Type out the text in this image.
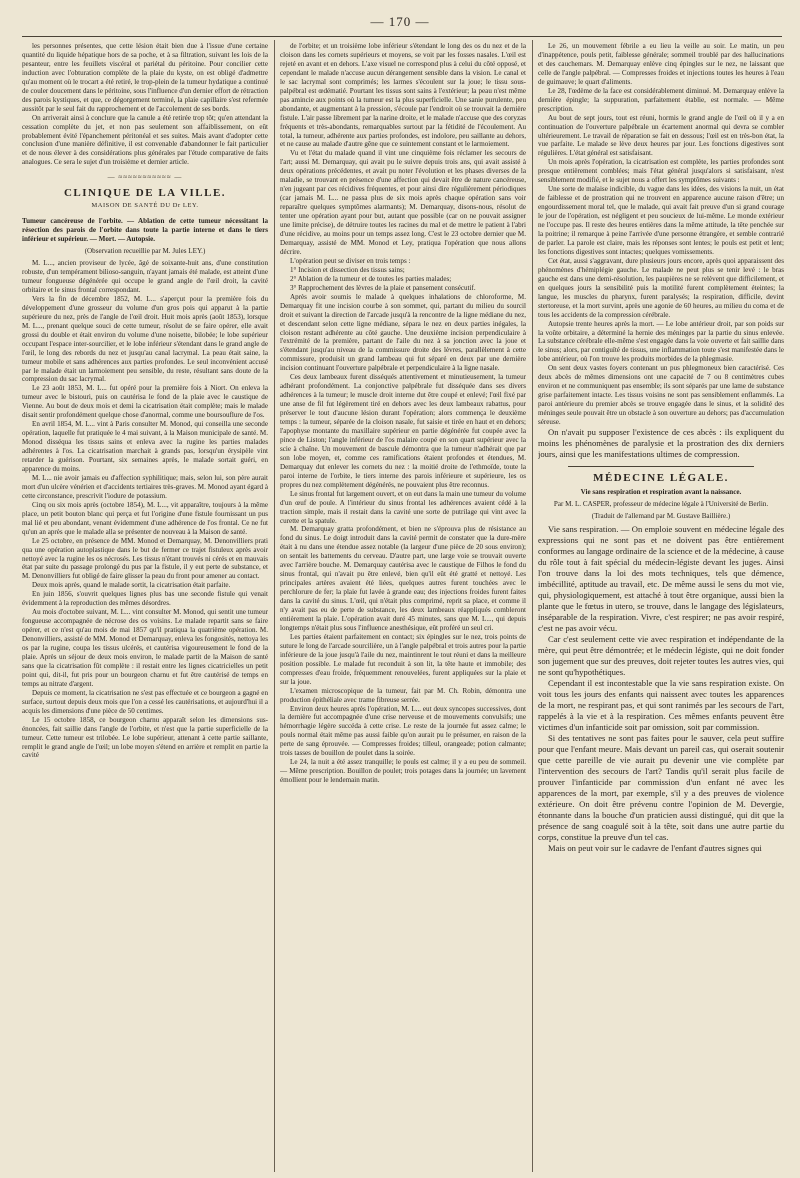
— 170 —

les personnes présentes, que cette lésion était bien due à l'issue d'une certaine quantité du liquide hépatique hors de sa poche, et à sa filtration, suivant les lois de la pesanteur, entre les feuillets viscéral et pariétal du péritoine. Pour concilier cette induction avec l'obturation complète de la plaie du kyste, on est obligé d'admettre qu'au moment où le trocart a été retiré, le trop-plein de la tumeur hydatique a continué de couler doucement dans le péritoine, sous l'influence d'un dernier effort de rétraction des parois kystiques, et que, ce dégorgement terminé, la plaie capillaire s'est refermée aussitôt par le seul fait du rapprochement et de l'accolement de ses bords.

On arriverait ainsi à conclure que la canule a été retirée trop tôt; qu'en attendant la cessation complète du jet, et non pas seulement son affaiblissement, on eût probablement évité l'épanchement péritonéal et ses suites. Mais avant d'adopter cette conclusion d'une manière définitive, il est convenable d'abandonner le fait particulier et de nous élever à des considérations plus générales par l'étude comparative de faits analogues. Ce sera le sujet d'un troisième et dernier article.

— ≈≈≈≈≈≈≈≈≈≈≈ —
CLINIQUE DE LA VILLE.
MAISON DE SANTÉ DU Dr LEY.

Tumeur cancéreuse de l'orbite. — Ablation de cette tumeur nécessitant la résection des parois de l'orbite dans toute la partie interne et dans le tiers inférieur et supérieur. — Mort. — Autopsie.

(Observation recueillie par M. Jules LEY.)

M. L..., ancien proviseur de lycée, âgé de soixante-huit ans, d'une constitution robuste, d'un tempérament bilioso-sanguin, n'ayant jamais été malade, est atteint d'une tumeur fongueuse dégénérée qui occupe le grand angle de l'œil droit, la cavité orbitaire et le sinus frontal correspondant.

Vers la fin de décembre 1852, M. L... s'aperçut pour la première fois du développement d'une grosseur du volume d'un gros pois qui apparut à la partie supérieure du nez, près de l'angle de l'œil droit. Huit mois après (août 1853), lorsque M. L..., prenant quelque souci de cette tumeur, résolut de se faire opérer, elle avait grossi du double et était environ du volume d'une noisette, bilobée; le lobe supérieur occupant l'espace inter-sourcilier, et le lobe inférieur s'étendant dans le grand angle de l'œil, le long des rebords du nez et jusqu'au canal lacrymal. La peau était saine, la tumeur mobile et sans adhérences aux parties profondes. Le seul inconvénient accusé par le malade était un larmoiement peu sensible, du reste, résultant sans doute de la compression du sac lacrymal.

Le 23 août 1853, M. L... fut opéré pour la première fois à Niort. On enleva la tumeur avec le bistouri, puis on cautérisa le fond de la plaie avec le caustique de Vienne. Au bout de deux mois et demi la cicatrisation était complète; mais le malade disait sentir profondément quelque chose d'anormal, comme une boursouflure de l'os.

En avril 1854, M. L... vint à Paris consulter M. Monod, qui conseilla une seconde opération, laquelle fut pratiquée le 4 mai suivant, à la Maison municipale de santé. M. Monod disséqua les tissus sains et enleva avec la rugine les parties malades adhérentes à l'os. La cicatrisation marchait à grands pas, lorsqu'un érysipèle vint retarder la guérison. Pourtant, six semaines après, le malade sortait guéri, en apparence du moins.

M. L... nie avoir jamais eu d'affection syphilitique; mais, selon lui, son père aurait mort d'un ulcère vénérien et d'accidents tertiaires très-graves. M. Monod ayant égard à cette circonstance, prescrivit l'iodure de potassium.

Cinq ou six mois après (octobre 1854), M. L..., vit apparaître, toujours à la même place, un petit bouton blanc qui perça et fut l'origine d'une fistule fournissant un pus mal lié et peu abondant, venant évidemment d'une adhérence de l'os frontal. Ce ne fut qu'un an après que le malade alla se présenter de nouveau à la Maison de santé.

Le 25 octobre, en présence de MM. Monod et Demarquay, M. Denonvilliers prati qua une opération autoplastique dans le but de fermer ce trajet fistuleux après avoir nettoyé avec la rugine les os nécrosés. Les tissus n'étant trouvés ni cérés et en mauvais état par suite du passage prolongé du pus par la fistule, il y eut perte de substance, et M. Denonvilliers fut obligé de faire glisser la peau du front pour amener au contact.

Deux mois après, quand le malade sortit, la cicatrisation était parfaite.

En juin 1856, s'ouvrit quelques lignes plus bas une seconde fistule qui venait évidemment à la reproduction des mêmes désordres.

Au mois d'octobre suivant, M. L... vint consulter M. Monod, qui sentit une tumeur fongueuse accompagnée de nécrose des os voisins. Le malade repartit sans se faire opérer, et ce n'est qu'au mois de mai 1857 qu'il pratiqua la quatrième opération. M. Denonvilliers, assisté de MM. Monod et Demarquay, enleva les fongosités, nettoya les os par la rugine, coupa les tissus ulcérés, et cautérisa vigoureusement le fond de la plaie. Après un séjour de deux mois environ, le malade partit de la Maison de santé sans que la cicatrisation fût complète : il restait entre les lignes cicatricielles un petit point qui, dit-il, fut pris pour un bourgeon charnu et fut être cautérisé de temps en temps au nitrate d'argent.

Depuis ce moment, la cicatrisation ne s'est pas effectuée et ce bourgeon a gagné en surface, surtout depuis deux mois que l'on a cessé les cautérisations, et aujourd'hui il a acquis les dimensions d'une pièce de 50 centimes.

Le 15 octobre 1858, ce bourgeon charnu apparaît selon les dimensions sus-énoncées, fait saillie dans l'angle de l'orbite, et n'est que la partie superficielle de la tumeur. Cette tumeur est trilobée. Le lobe supérieur, attenant à cette partie saillante, remplit le grand angle de l'œil; un lobe moyen s'étend en arrière et remplit en partie la cavité

de l'orbite; et un troisième lobe inférieur s'étendant le long des os du nez et de la cloison dans les cornets supérieurs et moyens, se voit par les fosses nasales. L'œil est rejeté en avant et en dehors. L'axe visuel ne correspond plus à celui du côté opposé, et cependant le malade n'accuse aucun dérangement sensible dans la vision. Le canal et le sac lacrymal sont comprimés; les larmes s'écoulent sur la joue; le tissu sous-palpébral est œdématié. Pourtant les tissus sont sains à l'extérieur; la peau n'est même pas amincie aux points où la tumeur est la plus superficielle. Une sanie purulente, peu abondante, et augmentant à la pression, s'écoule par l'endroit où se trouvait la dernière fistule. L'air passe librement par la narine droite, et le malade n'accuse que des coryzas fréquents et très-abondants, remarquables surtout par la fétidité de l'écoulement. Au total, la tumeur, adhérente aux parties profondes, est indolore, peu saillante au dehors, et ne cause au malade d'autre gêne que ce suintement constant et le larmoiement.

Vu et l'état du malade quand il vint une cinquième fois réclamer les secours de l'art; aussi M. Demarquay, qui avait pu le suivre depuis trois ans, qui avait assisté à deux opérations précédentes, et avait pu noter l'évolution et les phases diverses de la maladie, se trouvant en présence d'une affection qui devait être de nature cancéreuse, n'en jugeant par ces récidives fréquentes, et pour ainsi dire régulièrement périodiques (car jamais M. L... ne passa plus de six mois après chaque opération sans voir reparaître quelques symptômes alarmants); M. Demarquay, disons-nous, résolut de tenter une opération ayant pour but, autant que possible (car on ne pouvait assigner une limite précise), de détruire toutes les racines du mal et de mettre le patient à l'abri d'une récidive, au moins pour un temps assez long. C'est le 23 octobre dernier que M. Demarquay, assisté de MM. Monod et Ley, pratiqua l'opération que nous allons décrire.

L'opération peut se diviser en trois temps :

1° Incision et dissection des tissus sains;

2° Ablation de la tumeur et de toutes les parties malades;

3° Rapprochement des lèvres de la plaie et pansement consécutif.

Après avoir soumis le malade à quelques inhalations de chloroforme, M. Demarquay fit une incision courbe à son sommet, qui, partant du milieu du sourcil droit et suivant la direction de l'arcade jusqu'à la rencontre de la ligne médiane du nez, et descendant selon cette ligne médiane, sépara le nez en deux parties inégales, la cloison restant adhérente au côté gauche. Une deuxième incision perpendiculaire à l'extrémité de la première, partant de l'aile du nez à sa jonction avec la joue et s'étendant jusqu'au niveau de la commissure droite des lèvres, parallèlement à cette commissure, produisit un grand lambeau qui fut séparé en deux par une dernière incision continuant l'ouverture palpébrale et perpendiculaire à la ligne nasale.

Ces deux lambeaux furent disséqués attentivement et minutieusement, la tumeur adhérant profondément. La conjonctive palpébrale fut disséquée dans ses divers adhérences à la tumeur; le muscle droit interne dut être coupé et enlevé; l'œil fixé par une anse de fil fut légèrement tiré en dehors avec les deux lambeaux rabattus, pour préserver le tout d'aucune lésion durant l'opération; alors commença le deuxième temps : la tumeur, séparée de la cloison nasale, fut saisie et tirée en haut et en dehors; l'apophyse montante du maxillaire supérieur en partie dégénérée fut coupée avec la pince de Liston; l'angle inférieur de l'os malaire coupé en son quart supérieur avec la scie à chaîne. Un mouvement de bascule démontra que la tumeur n'adhérait que par son lobe moyen, et, comme ces ramifications étaient profondes et étendues, M. Demarquay dut enlever les cornets du nez : la moitié droite de l'ethmoïde, toute la paroi interne de l'orbite, le tiers interne des parois inférieure et supérieure, les os propres du nez complètement dégénérés, ne pouvaient plus être reconnus.

Le sinus frontal fut largement ouvert, et on eut dans la main une tumeur du volume d'un œuf de poule. A l'intérieur du sinus frontal les adhérences avaient cédé à la traction simple, mais il restait dans la cavité une sorte de putrilage qui vint avec la curette et la spatule.

M. Demarquay gratta profondément, et bien ne s'éprouva plus de résistance au fond du sinus. Le doigt introduit dans la cavité permit de constater que la dure-mère était à nu dans une étendue assez notable (la largeur d'une pièce de 20 sous environ); on sentait les battements du cerveau. D'autre part, une large voie se trouvait ouverte avec l'arrière bouche. M. Demarquay cautérisa avec le caustique de Filhos le fond du sinus frontal, qui n'avait pu être enlevé, bien qu'il eût été gratté et nettoyé. Les principales artères avaient été liées, quelques autres furent touchées avec le perchlorure de fer; la plaie fut lavée à grande eau; des injections froides furent faites dans la cavité du sinus. L'œil, qui n'était plus comprimé, reprit sa place, et comme il n'y avait pas eu de perte de substance, les deux lambeaux réappliqués combleront entièrement la plaie. L'opération avait duré 45 minutes, sans que M. L..., qui depuis longtemps n'était plus sous l'influence anesthésique, eût proféré un seul cri.

Les parties étaient parfaitement en contact; six épingles sur le nez, trois points de suture le long de l'arcade sourcilière, un à l'angle palpébral et trois autres pour la partie inférieure de la joue jusqu'à l'aile du nez, maintinrent le tout réuni et dans la meilleure position possible. Le malade fut reconduit à son lit, la tête haute et immobile; des compresses d'eau froide, fréquemment renouvelées, furent appliquées sur la plaie et sur la joue.

L'examen microscopique de la tumeur, fait par M. Ch. Robin, démontra une production épithéliale avec trame fibreuse serrée.

Environ deux heures après l'opération, M. L... eut deux syncopes successives, dont la dernière fut accompagnée d'une crise nerveuse et de mouvements convulsifs; une hémorrhagie légère succéda à cette crise. Le reste de la journée fut assez calme; le pouls normal était même pas aussi faible qu'on aurait pu le présumer, en raison de la perte de sang éprouvée. — Compresses froides; tilleul, orangeade; potion calmante; trois tasses de bouillon de poulet dans la soirée.

Le 24, la nuit a été assez tranquille; le pouls est calme; il y a eu peu de sommeil. — Même prescription. Bouillon de poulet; trois potages dans la journée; un lavement émollient pour le lendemain matin.

Le 26, un mouvement fébrile a eu lieu la veille au soir. Le matin, un peu d'inappétence, pouls petit, faiblesse générale; sommeil troublé par des hallucinations et des cauchemars. M. Demarquay enlève cinq épingles sur le nez, ne laissant que celle de l'angle palpébral. — Compresses froides et injections toutes les heures à l'eau de guimauve; le quart d'aliments.

Le 28, l'œdème de la face est considérablement diminué. M. Demarquay enlève la dernière épingle; la suppuration, parfaitement établie, est normale. — Même prescription.

Au bout de sept jours, tout est réuni, hormis le grand angle de l'œil où il y a en continuation de l'ouverture palpébrale un écartement anormal qui devra se combler ultérieurement. Le travail de réparation se fait en dessous; l'œil est en très-bon état, la vue parfaite. Le malade se lève deux heures par jour. Les fonctions digestives sont régulières. L'état général est satisfaisant.

Un mois après l'opération, la cicatrisation est complète, les parties profondes sont presque entièrement comblées; mais l'état général jusqu'alors si satisfaisant, n'est sensiblement modifié, et le sujet nous a offert les symptômes suivants :

Une sorte de malaise indicible, du vague dans les idées, des visions la nuit, un état de faiblesse et de prostration qui ne trouvent en apparence aucune raison d'être; un engourdissement moral tel, que le malade, qui avait fait preuve d'un si grand courage le jour de l'opération, est négligent et peu soucieux de lui-même. Le monde extérieur ne l'occupe pas. Il reste des heures entières dans la même attitude, la tête penchée sur la poitrine; il remarque à peine l'arrivée d'une personne étrangère, et semble contrarié de parler. La parole est claire, mais les réponses sont lentes; le pouls est petit et lent; les fonctions digestives sont intactes; quelques vomissements.

Cet état, aussi s'aggravant, dure plusieurs jours encore, après quoi apparaissent des phénomènes d'hémiplégie gauche. Le malade ne peut plus se tenir levé : le bras gauche est dans une demi-résolution, les paupières ne se relèvent que difficilement, et en quelques jours la sensibilité puis la motilité furent complètement éteintes; la langue, les muscles du pharynx, furent paralysés; la respiration, difficile, devint stertoreuse, et la mort survint, après une agonie de 60 heures, au milieu du coma et de tous les accidents de la compression cérébrale.

Autopsie trente heures après la mort. — Le lobe antérieur droit, par son poids sur la voûte orbitaire, a déterminé la hernie des méninges par la partie du sinus enlevée. La substance cérébrale elle-même s'est engagée dans la voie ouverte et fait saillie dans le sinus; alors, par contiguïté de tissus, une inflammation toute s'est manifestée dans le lobe antérieur, où l'on trouve les produits morbides de la phlegmasie.

On sent deux vastes foyers contenant un pus phlegmoneux bien caractérisé. Ces deux abcès de mêmes dimensions ont une capacité de 7 ou 8 centimètres cubes environ et ne communiquent pas ensemble; ils sont séparés par une lame de substance grise parfaitement intacte. Les tissus voisins ne sont pas sensiblement enflammés. La paroi antérieure du premier abcès se trouve engagée dans le sinus, et la solidité des méninges seule pouvait être un obstacle à son ouverture au dehors; pas d'accumulation séreuse.

On n'avait pu supposer l'existence de ces abcès : ils expliquent du moins les phénomènes de paralysie et la prostration des dix derniers jours, ainsi que les manifestations ultimes de compression.

MÉDECINE LÉGALE.

Vie sans respiration et respiration avant la naissance.

Par M. L. CASPER, professeur de médecine légale à l'Université de Berlin.

(Traduit de l'allemand par M. Gustave Baillière.)

Vie sans respiration. — On emploie souvent en médecine légale des expressions qui ne sont pas et ne doivent pas être entièrement conformes au langage ordinaire de la science et de la médecine, à cause du rôle tout à fait spécial du médecin-légiste devant les juges. Ainsi l'on trouve dans la loi des mots techniques, tels que démence, imbécillité, aptitude au travail, etc. De même aussi le sens du mot vie, qui, physiologiquement, est attaché à tout être organique, aussi bien la plante que le fœtus in utero, se trouve, dans le langage des législateurs, inséparable de la respiration. Vivre, c'est respirer; ne pas avoir respiré, c'est ne pas avoir vécu.

Car c'est seulement cette vie avec respiration et indépendante de la mère, qui peut être démontrée; et le médecin légiste, qui ne doit fonder son jugement que sur des preuves, doit rejeter toutes les autres vies, qui ne sont qu'hypothétiques.

Cependant il est incontestable que la vie sans respiration existe. On voit tous les jours des enfants qui naissent avec toutes les apparences de la mort, ne respirant pas, et qui sont ranimés par les secours de l'art, rappelés à la vie et à la respiration. Ces mêmes enfants peuvent être victimes d'un infanticide soit par omission, soit par commission.

Si des tentatives ne sont pas faites pour le sauver, cela peut suffire pour que l'enfant meure. Mais devant un pareil cas, qui oserait soutenir que cette pareille de vie aurait pu devenir une vie complète par l'intervention des secours de l'art? Tandis qu'il serait plus facile de prouver l'infanticide par commission d'un enfant né avec les apparences de la mort, par exemple, s'il y a des preuves de violence extérieure. On doit être prévenu contre l'opinion de M. Devergie, étonnante dans la bouche d'un praticien aussi distingué, qui dit que la présence de sang coagulé soit à la tête, soit dans une autre partie du corps, constitue la preuve d'un tel cas.

Mais on peut voir sur le cadavre de l'enfant d'autres signes qui
